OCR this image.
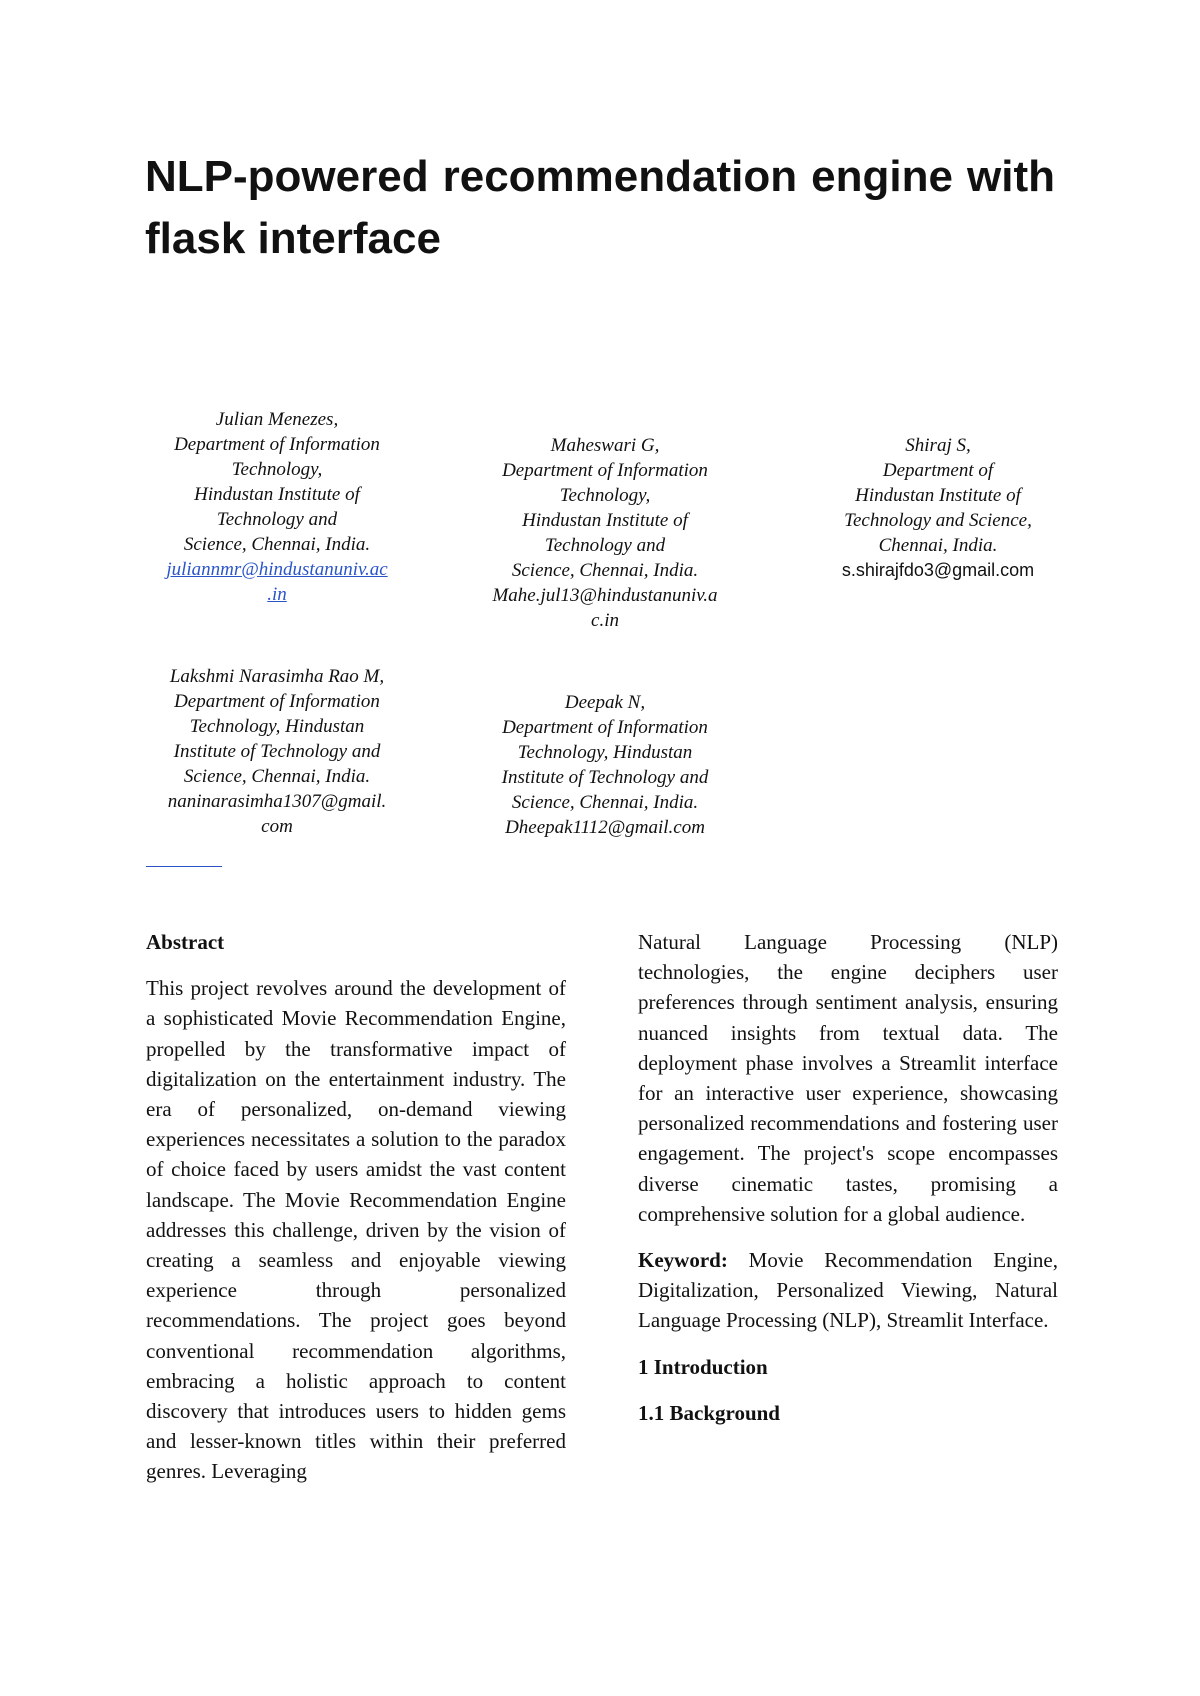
NLP-powered recommendation engine with flask interface
Julian Menezes,
Department of Information
Technology,
Hindustan Institute of
Technology and
Science, Chennai, India.
juliannmr@hindustanuniv.ac
.in
Maheswari G,
Department of Information
Technology,
Hindustan Institute of
Technology and
Science, Chennai, India.
Mahe.jul13@hindustanuniv.a
c.in
Shiraj S,
Department of
Hindustan Institute of
Technology and Science,
Chennai, India.
s.shirajfdo3@gmail.com
Lakshmi Narasimha Rao M,
Department of Information
Technology, Hindustan
Institute of Technology and
Science, Chennai, India.
naninarasimha1307@gmail.
com
Deepak N,
Department of Information
Technology, Hindustan
Institute of Technology and
Science, Chennai, India.
Dheepak1112@gmail.com
Abstract

This project revolves around the development of a sophisticated Movie Recommendation Engine, propelled by the transformative impact of digitalization on the entertainment industry. The era of personalized, on-demand viewing experiences necessitates a solution to the paradox of choice faced by users amidst the vast content landscape. The Movie Recommendation Engine addresses this challenge, driven by the vision of creating a seamless and enjoyable viewing experience through personalized recommendations. The project goes beyond conventional recommendation algorithms, embracing a holistic approach to content discovery that introduces users to hidden gems and lesser-known titles within their preferred genres. Leveraging

Natural Language Processing (NLP) technologies, the engine deciphers user preferences through sentiment analysis, ensuring nuanced insights from textual data. The deployment phase involves a Streamlit interface for an interactive user experience, showcasing personalized recommendations and fostering user engagement. The project's scope encompasses diverse cinematic tastes, promising a comprehensive solution for a global audience.

Keyword: Movie Recommendation Engine, Digitalization, Personalized Viewing, Natural Language Processing (NLP), Streamlit Interface.

1 Introduction
1.1 Background
